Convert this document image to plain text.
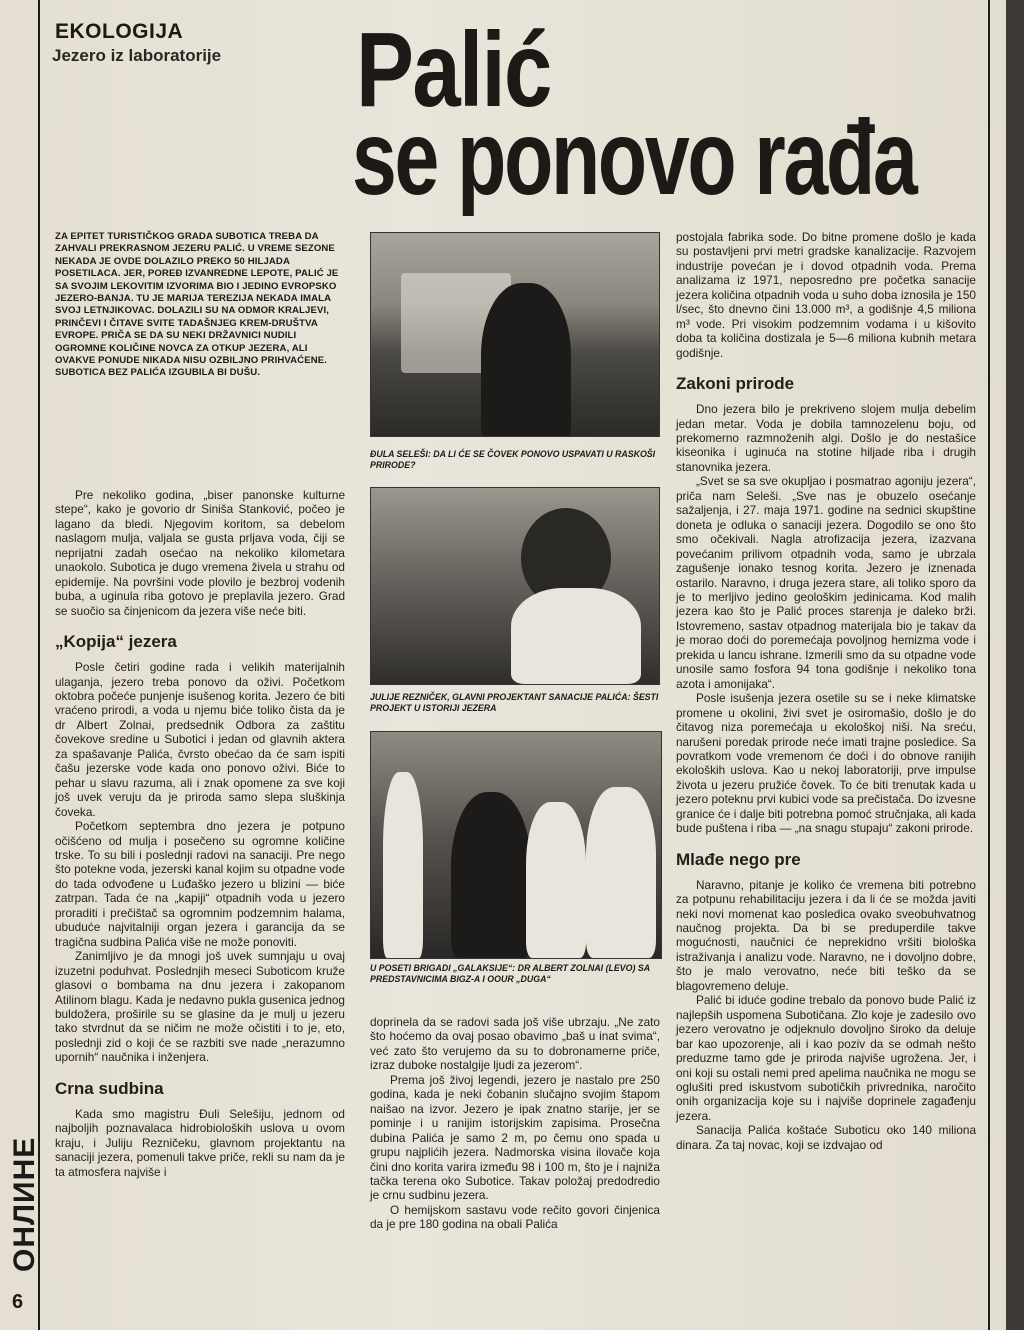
EKOLOGIJA
Jezero iz laboratorije Palić
se ponovo rađa
ZA EPITET TURISTIČKOG GRADA SUBOTICA TREBA DA ZAHVALI PREKRASNOM JEZERU PALIĆ. U VREME SEZONE NEKADA JE OVDE DOLAZILO PREKO 50 HILJADA POSETILACA. JER, POREĐ IZVANREDNE LEPOTE, PALIĆ JE SA SVOJIM LEKOVITIM IZVORIMA BIO I JEDINO EVROPSKO JEZERO-BANJA. TU JE MARIJA TEREZIJA NEKADA IMALA SVOJ LETNJIKOVAC. DOLAZILI SU NA ODMOR KRALJEVI, PRINČEVI I ČITAVE SVITE TADAŠNJEG KREM-DRUŠTVA EVROPE. PRIČA SE DA SU NEKI DRŽAVNICI NUDILI OGROMNE KOLIČINE NOVCA ZA OTKUP JEZERA, ALI OVAKVE PONUDE NIKADA NISU OZBILJNO PRIHVAĆENE. SUBOTICA BEZ PALIĆA IZGUBILA BI DUŠU.

Pre nekoliko godina, „biser panonske kulturne stepe“, kako je govorio dr Siniša Stanković, počeo je lagano da bledi. Njegovim koritom, sa debelom naslagom mulja, valjala se gusta prljava voda, čiji se neprijatni zadah osećao na nekoliko kilometara unaokolo. Subotica je dugo vremena živela u strahu od epidemije. Na površini vode plovilo je bezbroj vodenih buba, a uginula riba gotovo je preplavila jezero. Grad se suočio sa činjenicom da jezera više neće biti.

„Kopija“ jezera

Posle četiri godine rada i velikih materijalnih ulaganja, jezero treba ponovo da oživi. Početkom oktobra počeće punjenje isušenog korita. Jezero će biti vraćeno prirodi, a voda u njemu biće toliko čista da je dr Albert Zolnai, predsednik Odbora za zaštitu čovekove sredine u Subotici i jedan od glavnih aktera za spašavanje Palića, čvrsto obećao da će sam ispiti čašu jezerske vode kada ono ponovo oživi. Biće to pehar u slavu razuma, ali i znak opomene za sve koji još uvek veruju da je priroda samo slepa sluškinja čoveka.

Početkom septembra dno jezera je potpuno očišćeno od mulja i posečeno su ogromne količine trske. To su bili i poslednji radovi na sanaciji. Pre nego što potekne voda, jezerski kanal kojim su otpadne vode do tada odvođene u Luđaško jezero u blizini — biće zatrpan. Tada će na „kapiji“ otpadnih voda u jezero proraditi i prečištač sa ogromnim podzemnim halama, ubuduće najvitalniji organ jezera i garancija da se tragična sudbina Palića više ne može ponoviti.

Zanimljivo je da mnogi još uvek sumnjaju u ovaj izuzetni poduhvat. Poslednjih meseci Suboticom kruže glasovi o bombama na dnu jezera i zakopanom Atilinom blagu. Kada je nedavno pukla gusenica jednog buldožera, proširile su se glasine da je mulj u jezeru tako stvrdnut da se ničim ne može očistiti i to je, eto, poslednji zid o koji će se razbiti sve nade „nerazumno upornih“ naučnika i inženjera.

Crna sudbina

Kada smo magistru Đuli Selešiju, jednom od najboljih poznavalaca hidrobioloških uslova u ovom kraju, i Juliju Rezničeku, glavnom projektantu na sanaciji jezera, pomenuli takve priče, rekli su nam da je ta atmosfera najviše i

ĐULA SELEŠI: DA LI ĆE SE ČOVEK PONOVO USPAVATI U RASKOŠI PRIRODE?
JULIJE REZNIČEK, GLAVNI PROJEKTANT SANACIJE PALIĆA: ŠESTI PROJEKT U ISTORIJI JEZERA
U POSETI BRIGADI „GALAKSIJE“: DR ALBERT ZOLNAI (LEVO) SA PREDSTAVNICIMA BIGZ-A I OOUR „DUGA“

doprinela da se radovi sada još više ubrzaju. „Ne zato što hoćemo da ovaj posao obavimo „baš u inat svima“, već zato što verujemo da su to dobronamerne priče, izraz duboke nostalgije ljudi za jezerom“.

Prema još živoj legendi, jezero je nastalo pre 250 godina, kada je neki čobanin slučajno svojim štapom naišao na izvor. Jezero je ipak znatno starije, jer se pominje i u ranijim istorijskim zapisima. Prosečna dubina Palića je samo 2 m, po čemu ono spada u grupu najplićih jezera. Nadmorska visina ilovače koja čini dno korita varira između 98 i 100 m, što je i najniža tačka terena oko Subotice. Takav položaj predodredio je crnu sudbinu jezera.

O hemijskom sastavu vode rečito govori činjenica da je pre 180 godina na obali Palića

postojala fabrika sode. Do bitne promene došlo je kada su postavljeni prvi metri gradske kanalizacije. Razvojem industrije povećan je i dovod otpadnih voda. Prema analizama iz 1971, neposredno pre početka sanacije jezera količina otpadnih voda u suho doba iznosila je 150 l/sec, što dnevno čini 13.000 m³, a godišnje 4,5 miliona m³ vode. Pri visokim podzemnim vodama i u kišovito doba ta količina dostizala je 5—6 miliona kubnih metara godišnje.

Zakoni prirode

Dno jezera bilo je prekriveno slojem mulja debelim jedan metar. Voda je dobila tamnozelenu boju, od prekomerno razmnoženih algi. Došlo je do nestašice kiseonika i uginuća na stotine hiljade riba i drugih stanovnika jezera.

„Svet se sa sve okupljao i posmatrao agoniju jezera“, priča nam Seleši. „Sve nas je obuzelo osećanje sažaljenja, i 27. maja 1971. godine na sednici skupštine doneta je odluka o sanaciji jezera. Dogodilo se ono što smo očekivali. Nagla atrofizacija jezera, izazvana povećanim prilivom otpadnih voda, samo je ubrzala zagušenje ionako tesnog korita. Jezero je iznenada ostarilo. Naravno, i druga jezera stare, ali toliko sporo da je to merljivo jedino geološkim jedinicama. Kod malih jezera kao što je Palić proces starenja je daleko brži. Istovremeno, sastav otpadnog materijala bio je takav da je morao doći do poremećaja povoljnog hemizma vode i prekida u lancu ishrane. Izmerili smo da su otpadne vode unosile samo fosfora 94 tona godišnje i nekoliko tona azota i amonijaka“.

Posle isušenja jezera osetile su se i neke klimatske promene u okolini, živi svet je osiromašio, došlo je do čitavog niza poremećaja u ekološkoj niši. Na sreću, narušeni poredak prirode neće imati trajne posledice. Sa povratkom vode vremenom će doći i do obnove ranijih ekoloških uslova. Kao u nekoj laboratoriji, prve impulse života u jezeru pružiće čovek. To će biti trenutak kada u jezero poteknu prvi kubici vode sa prečistača. Do izvesne granice će i dalje biti potrebna pomoć stručnjaka, ali kada bude puštena i riba — „na snagu stupaju“ zakoni prirode.

Mlađe nego pre

Naravno, pitanje je koliko će vremena biti potrebno za potpunu rehabilitaciju jezera i da li će se možda javiti neki novi momenat kao posledica ovako sveobuhvatnog naučnog projekta. Da bi se preduperdile takve mogućnosti, naučnici će neprekidno vršiti biološka istraživanja i analizu vode. Naravno, ne i dovoljno dobre, što je malo verovatno, neće biti teško da se blagovremeno deluje.

Palić bi iduće godine trebalo da ponovo bude Palić iz najlepših uspomena Subotičana. Zlo koje je zadesilo ovo jezero verovatno je odjeknulo dovoljno široko da deluje bar kao upozorenje, ali i kao poziv da se odmah nešto preduzme tamo gde je priroda najviše ugrožena. Jer, i oni koji su ostali nemi pred apelima naučnika ne mogu se oglušiti pred iskustvom subotičkih privrednika, naročito onih organizacija koje su i najviše doprinele zagađenju jezera.

Sanacija Palića koštaće Suboticu oko 140 miliona dinara. Za taj novac, koji se izdvajao od

ОНЛИНЕ
6
